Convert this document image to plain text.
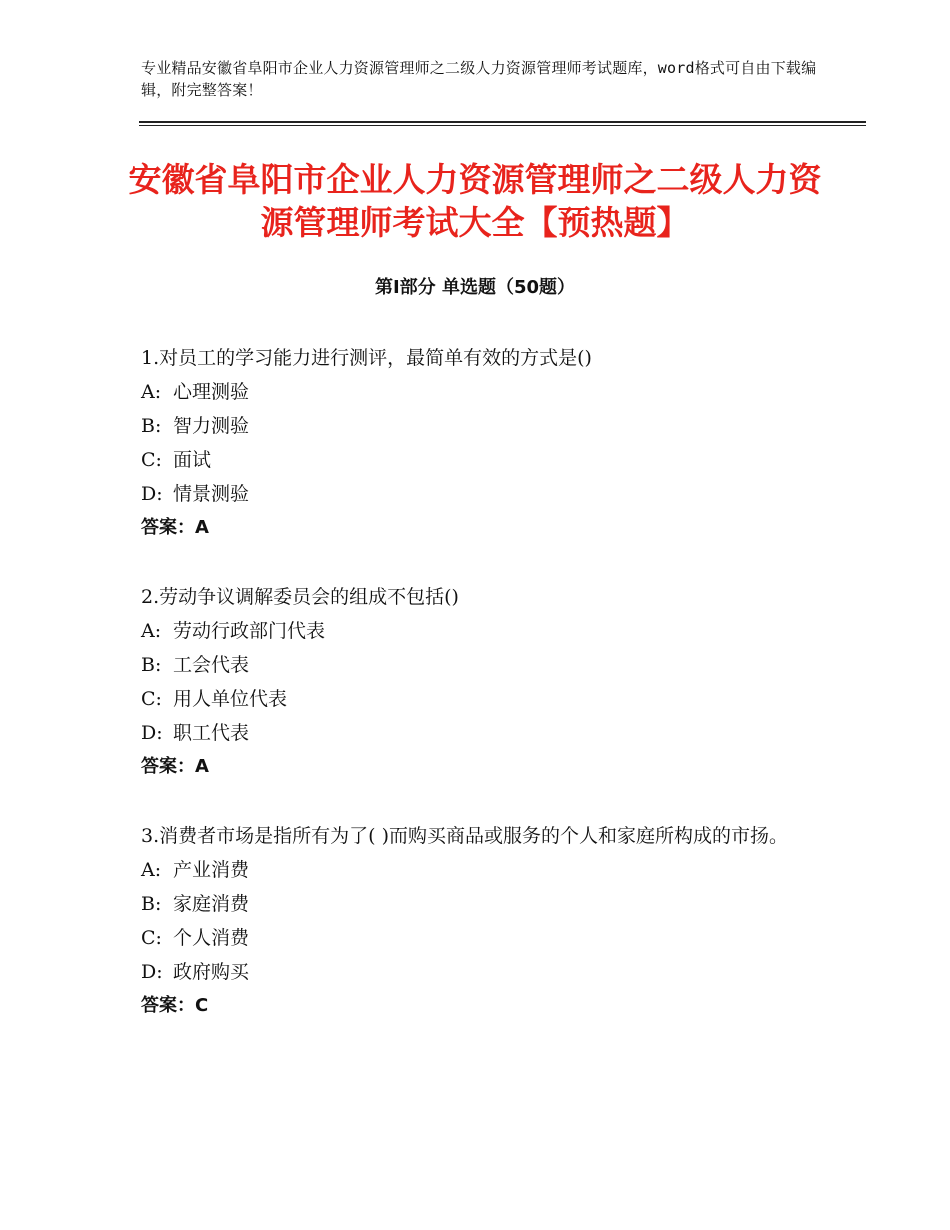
专业精品安徽省阜阳市企业人力资源管理师之二级人力资源管理师考试题库，word格式可自由下载编辑，附完整答案！
安徽省阜阳市企业人力资源管理师之二级人力资源管理师考试大全【预热题】
第Ⅰ部分 单选题（50题）
1.对员工的学习能力进行测评，最简单有效的方式是()
A: 心理测验
B: 智力测验
C: 面试
D: 情景测验
答案：A
2.劳动争议调解委员会的组成不包括()
A: 劳动行政部门代表
B: 工会代表
C: 用人单位代表
D: 职工代表
答案：A
3.消费者市场是指所有为了( )而购买商品或服务的个人和家庭所构成的市扬。
A: 产业消费
B: 家庭消费
C: 个人消费
D: 政府购买
答案：C
